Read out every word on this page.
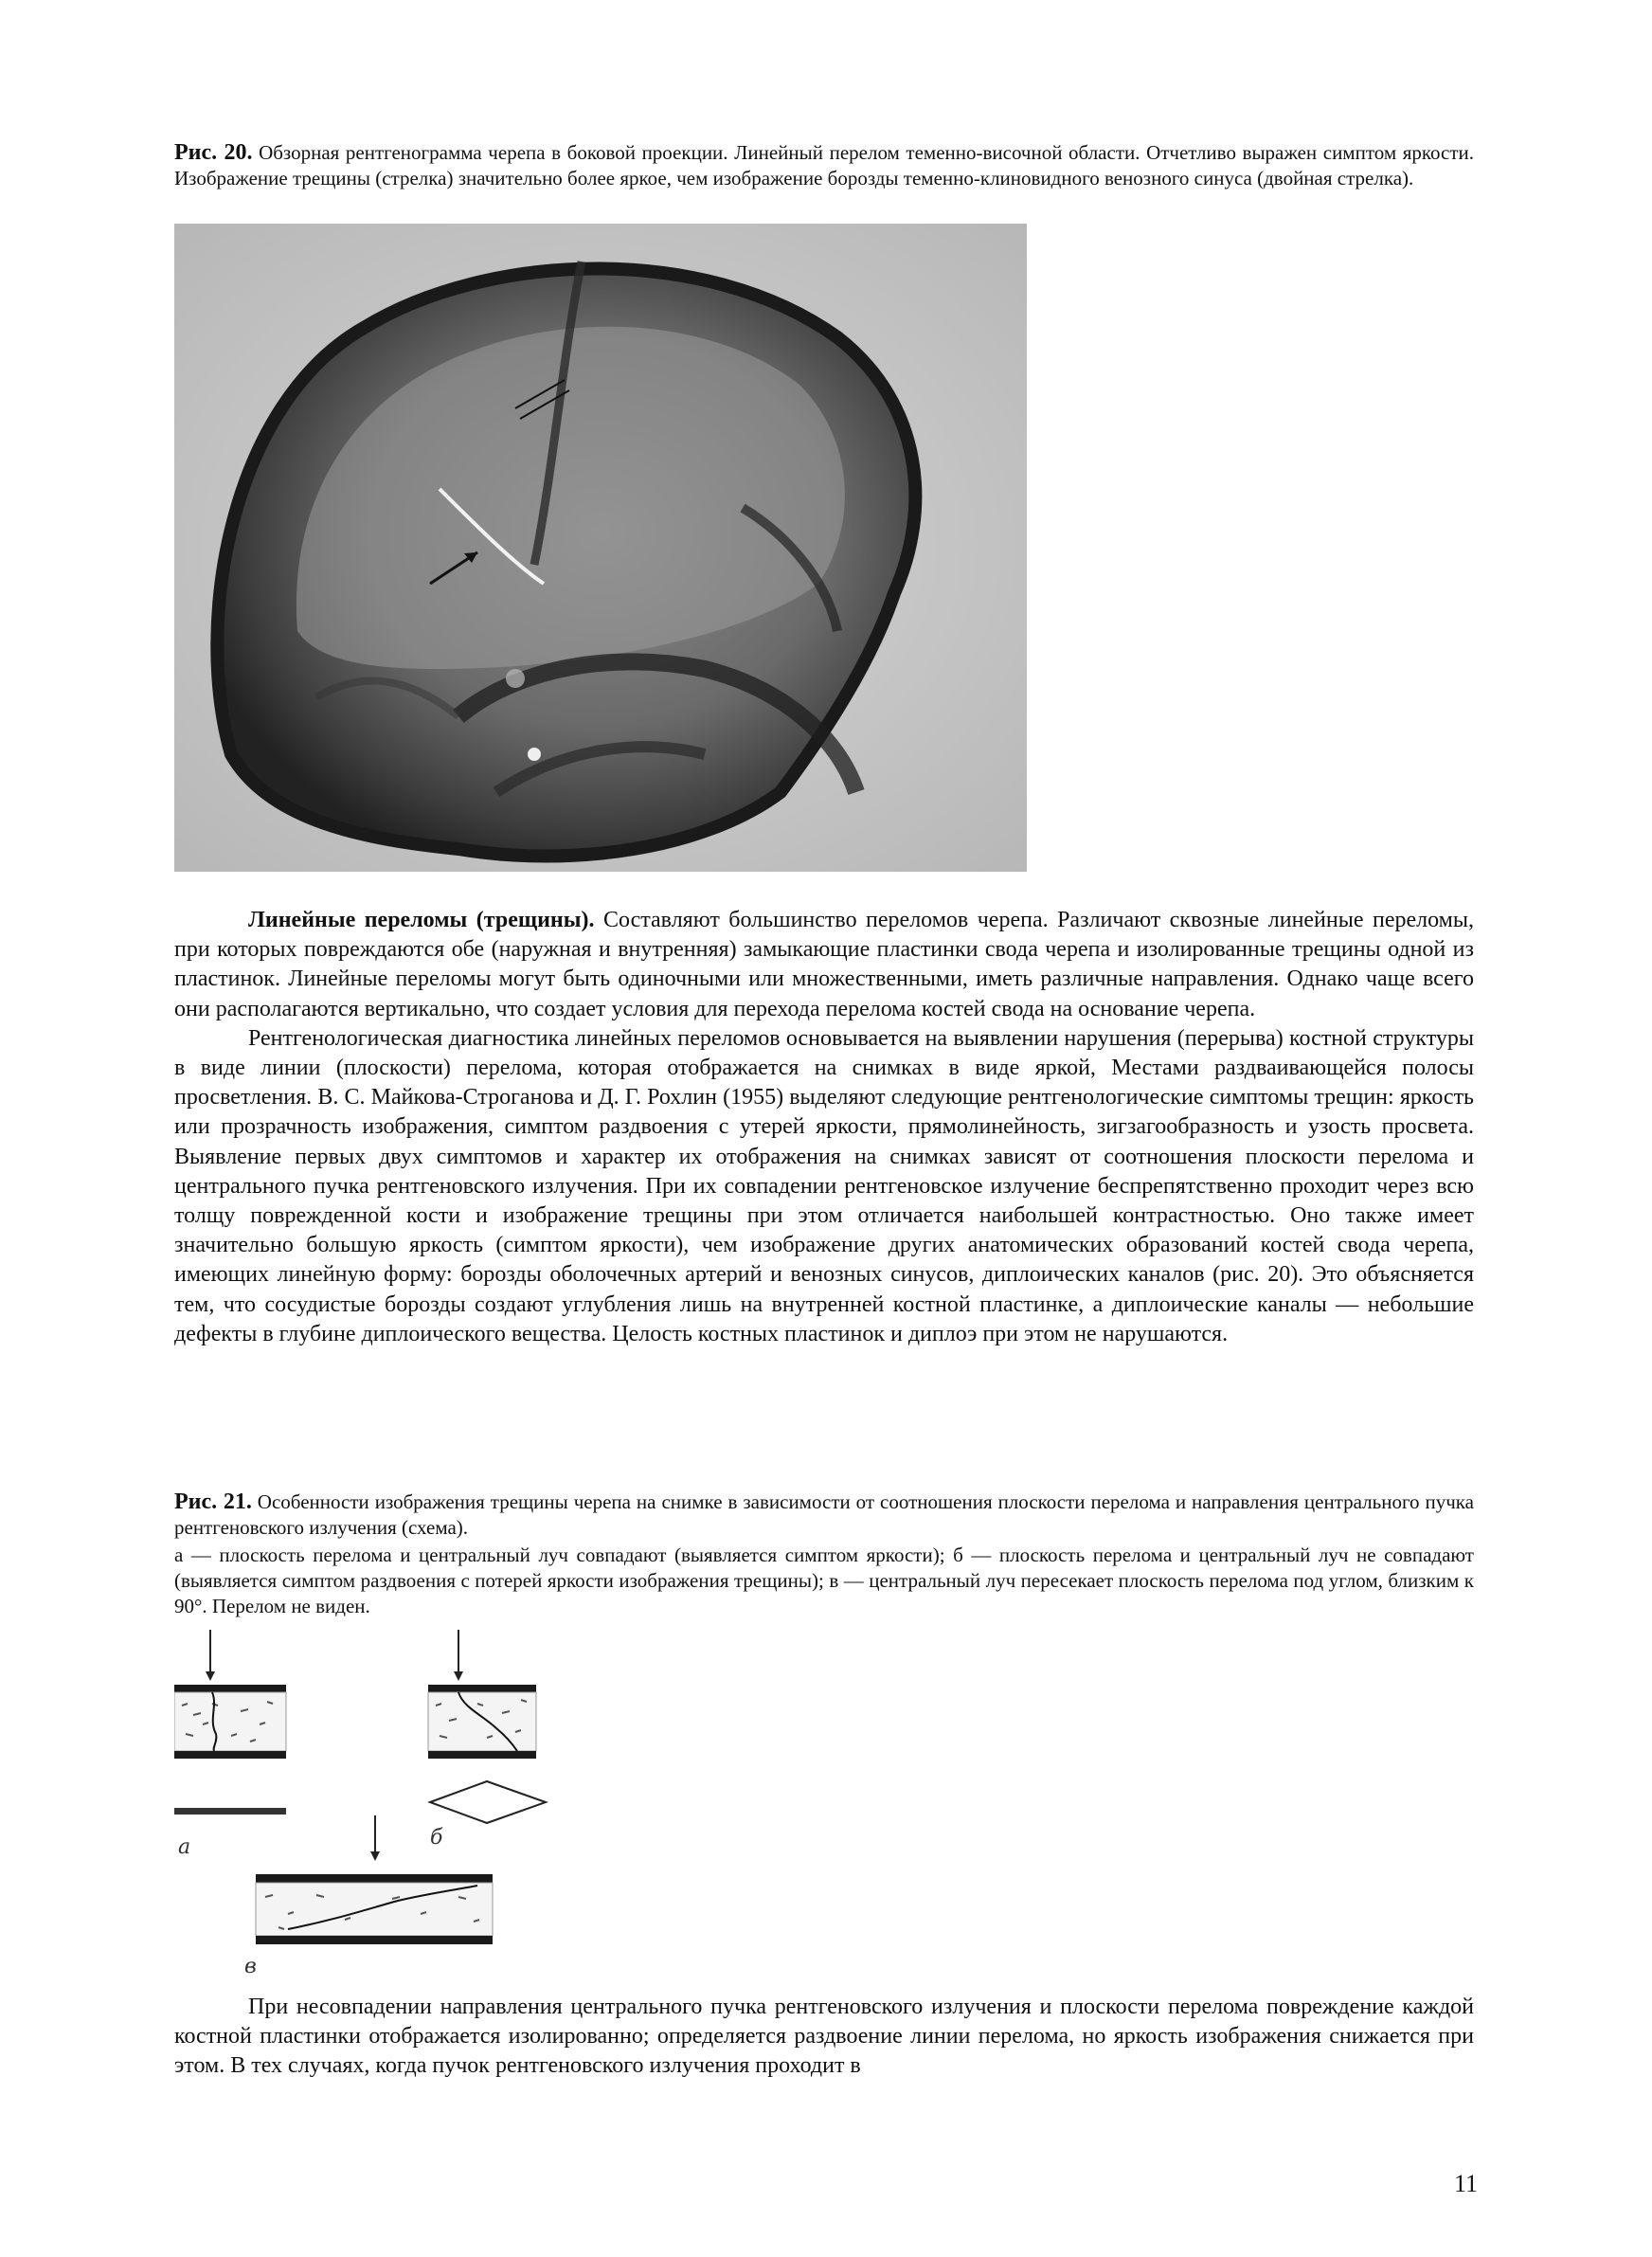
Рис. 20. Обзорная рентгенограмма черепа в боковой проекции. Линейный перелом теменно-височной области. Отчетливо выражен симптом яркости. Изображение трещины (стрелка) значительно более яркое, чем изображение борозды теменно-клиновидного венозного синуса (двойная стрелка).

Линейные переломы (трещины). Составляют большинство переломов черепа. Различают сквозные линейные переломы, при которых повреждаются обе (наружная и внутренняя) замыкающие пластинки свода черепа и изолированные трещины одной из пластинок. Линейные переломы могут быть одиночными или множественными, иметь различные направления. Однако чаще всего они располагаются вертикально, что создает условия для перехода перелома костей свода на основание черепа.

Рентгенологическая диагностика линейных переломов основывается на выявлении нарушения (перерыва) костной структуры в виде линии (плоскости) перелома, которая отображается на снимках в виде яркой, Местами раздваивающейся полосы просветления. В. С. Майкова-Строганова и Д. Г. Рохлин (1955) выделяют следующие рентгенологические симптомы трещин: яркость или прозрачность изображения, симптом раздвоения с утерей яркости, прямолинейность, зигзагообразность и узость просвета. Выявление первых двух симптомов и характер их отображения на снимках зависят от соотношения плоскости перелома и центрального пучка рентгеновского излучения. При их совпадении рентгеновское излучение беспрепятственно проходит через всю толщу поврежденной кости и изображение трещины при этом отличается наибольшей контрастностью. Оно также имеет значительно большую яркость (симптом яркости), чем изображение других анатомических образований костей свода черепа, имеющих линейную форму: борозды оболочечных артерий и венозных синусов, диплоических каналов (рис. 20). Это объясняется тем, что сосудистые борозды создают углубления лишь на внутренней костной пластинке, а диплоические каналы — небольшие дефекты в глубине диплоического вещества. Целость костных пластинок и диплоэ при этом не нарушаются.

Рис. 21. Особенности изображения трещины черепа на снимке в зависимости от соотношения плоскости перелома и направления центрального пучка рентгеновского излучения (схема).
а — плоскость перелома и центральный луч совпадают (выявляется симптом яркости); б — плоскость перелома и центральный луч не совпадают (выявляется симптом раздвоения с потерей яркости изображения трещины); в — центральный луч пересекает плоскость перелома под углом, близким к 90°. Перелом не виден.
а	б
в

При несовпадении направления центрального пучка рентгеновского излучения и плоскости перелома повреждение каждой костной пластинки отображается изолированно; определяется раздвоение линии перелома, но яркость изображения снижается при этом. В тех случаях, когда пучок рентгеновского излучения проходит в

11
